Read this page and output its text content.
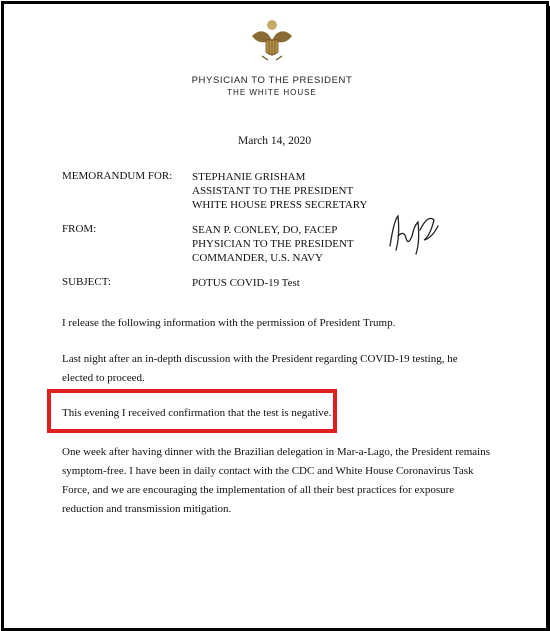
PHYSICIAN TO THE PRESIDENT
THE WHITE HOUSE
March 14, 2020
MEMORANDUM FOR: STEPHANIE GRISHAM
ASSISTANT TO THE PRESIDENT
WHITE HOUSE PRESS SECRETARY
FROM:	SEAN P. CONLEY, DO, FACEP
PHYSICIAN TO THE PRESIDENT
COMMANDER, U.S. NAVY
SUBJECT:	POTUS COVID-19 Test
I release the following information with the permission of President Trump.
Last night after an in-depth discussion with the President regarding COVID-19 testing, he
elected to proceed.
This evening I received confirmation that the test is negative.
One week after having dinner with the Brazilian delegation in Mar-a-Lago, the President remains
symptom-free. I have been in daily contact with the CDC and White House Coronavirus Task
Force, and we are encouraging the implementation of all their best practices for exposure
reduction and transmission mitigation.
